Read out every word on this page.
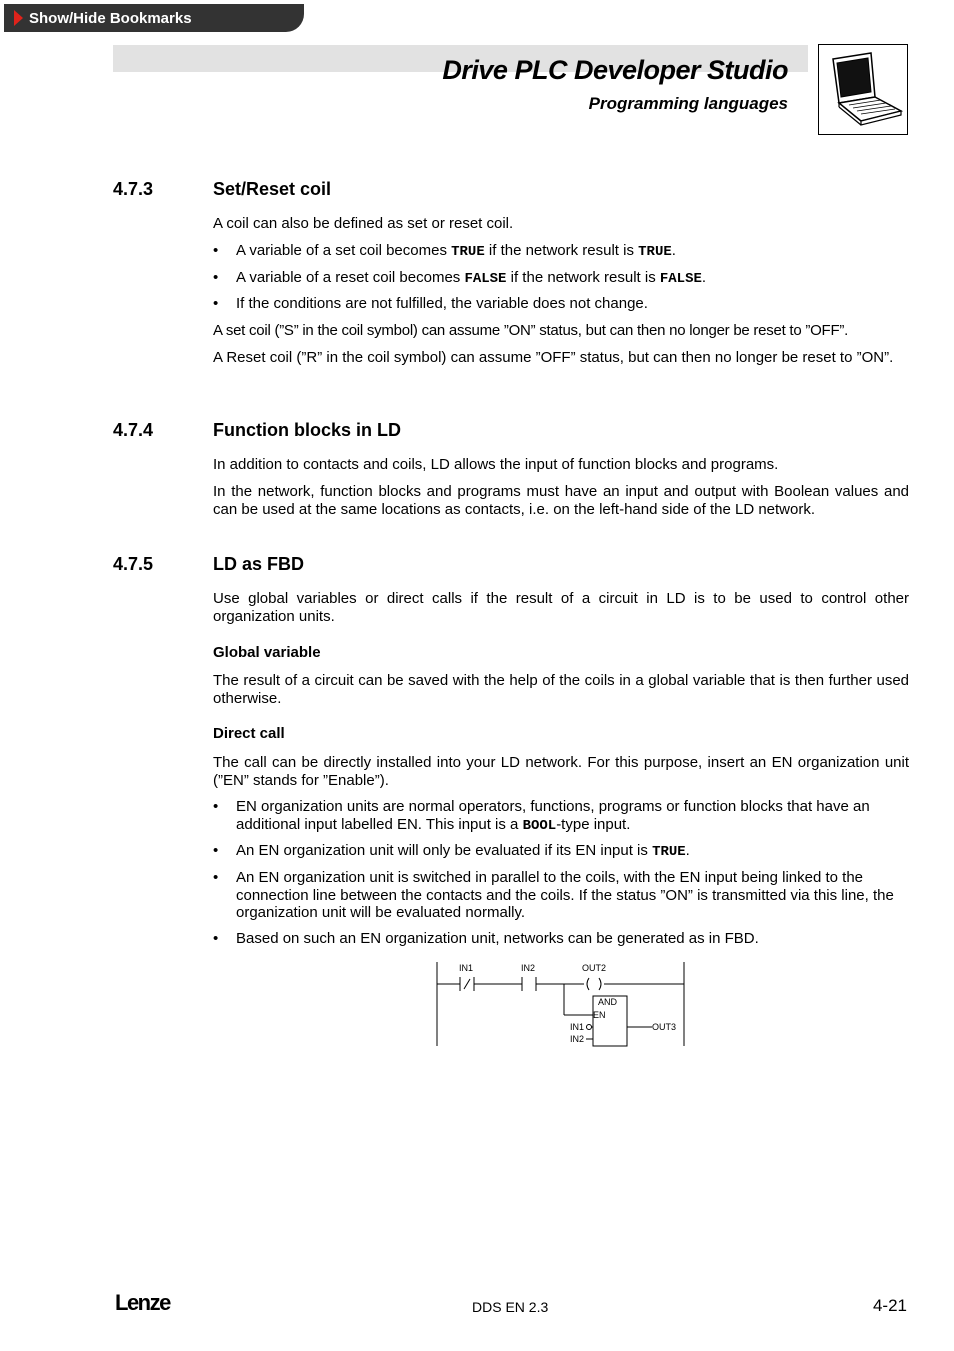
Show/Hide Bookmarks
Drive PLC Developer Studio
Programming languages
4.7.3	Set/Reset coil
A coil can also be defined as set or reset coil.
• A variable of a set coil becomes TRUE if the network result is TRUE.
• A variable of a reset coil becomes FALSE if the network result is FALSE.
• If the conditions are not fulfilled, the variable does not change.
A set coil (”S” in the coil symbol) can assume ”ON” status, but can then no longer be reset to ”OFF”.
A Reset coil (”R” in the coil symbol) can assume ”OFF” status, but can then no longer be reset to ”ON”.
4.7.4	Function blocks in LD
In addition to contacts and coils, LD allows the input of function blocks and programs.
In the network, function blocks and programs must have an input and output with Boolean values and can be used at the same locations as contacts, i.e. on the left-hand side of the LD network.
4.7.5	LD as FBD
Use global variables or direct calls if the result of a circuit in LD is to be used to control other organization units.
Global variable
The result of a circuit can be saved with the help of the coils in a global variable that is then further used otherwise.
Direct call
The call can be directly installed into your LD network. For this purpose, insert an EN organization unit (”EN” stands for ”Enable”).
• EN organization units are normal operators, functions, programs or function blocks that have an additional input labelled EN. This input is a BOOL-type input.
• An EN organization unit will only be evaluated if its EN input is TRUE.
• An EN organization unit is switched in parallel to the coils, with the EN input being linked to the connection line between the contacts and the coils. If the status ”ON” is transmitted via this line, the organization unit will be evaluated normally.
• Based on such an EN organization unit, networks can be generated as in FBD.
IN1	IN2	OUT2
AND
EN
IN1
IN2
OUT3
Lenze	DDS EN 2.3	4-21
